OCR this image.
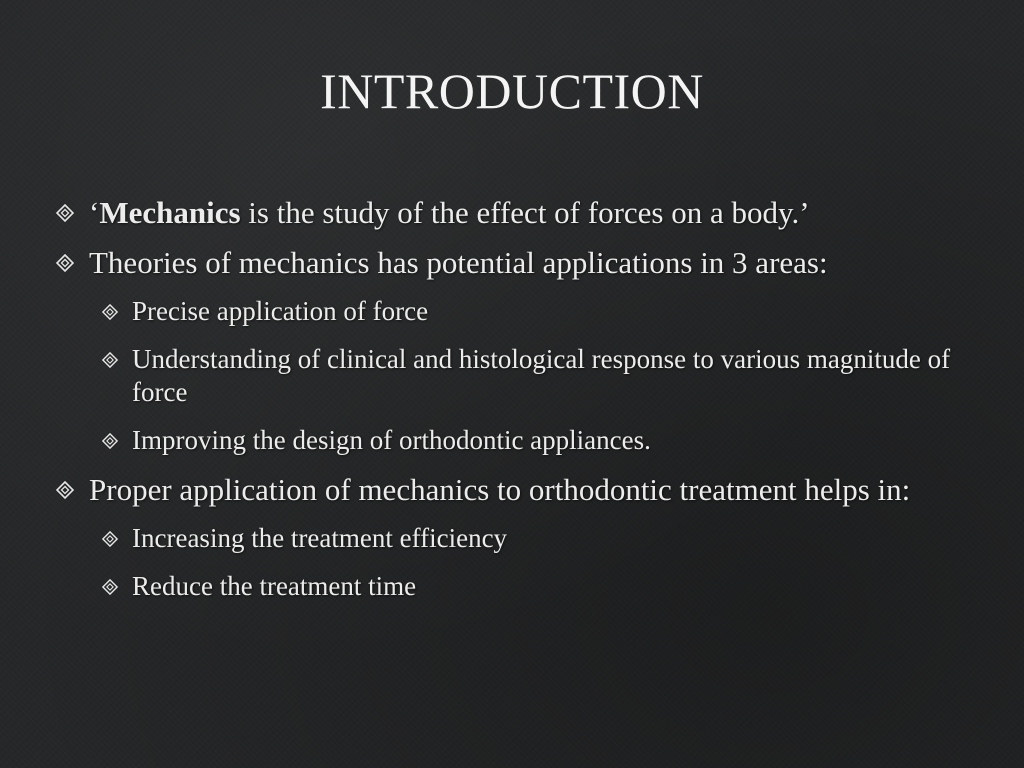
INTRODUCTION
‘Mechanics is the study of the effect of forces on a body.’
Theories of mechanics has potential applications in 3 areas:
Precise application of force
Understanding of clinical and histological response to various magnitude of force
Improving the design of orthodontic appliances.
Proper application of mechanics to orthodontic treatment helps in:
Increasing the treatment efficiency
Reduce the treatment time
